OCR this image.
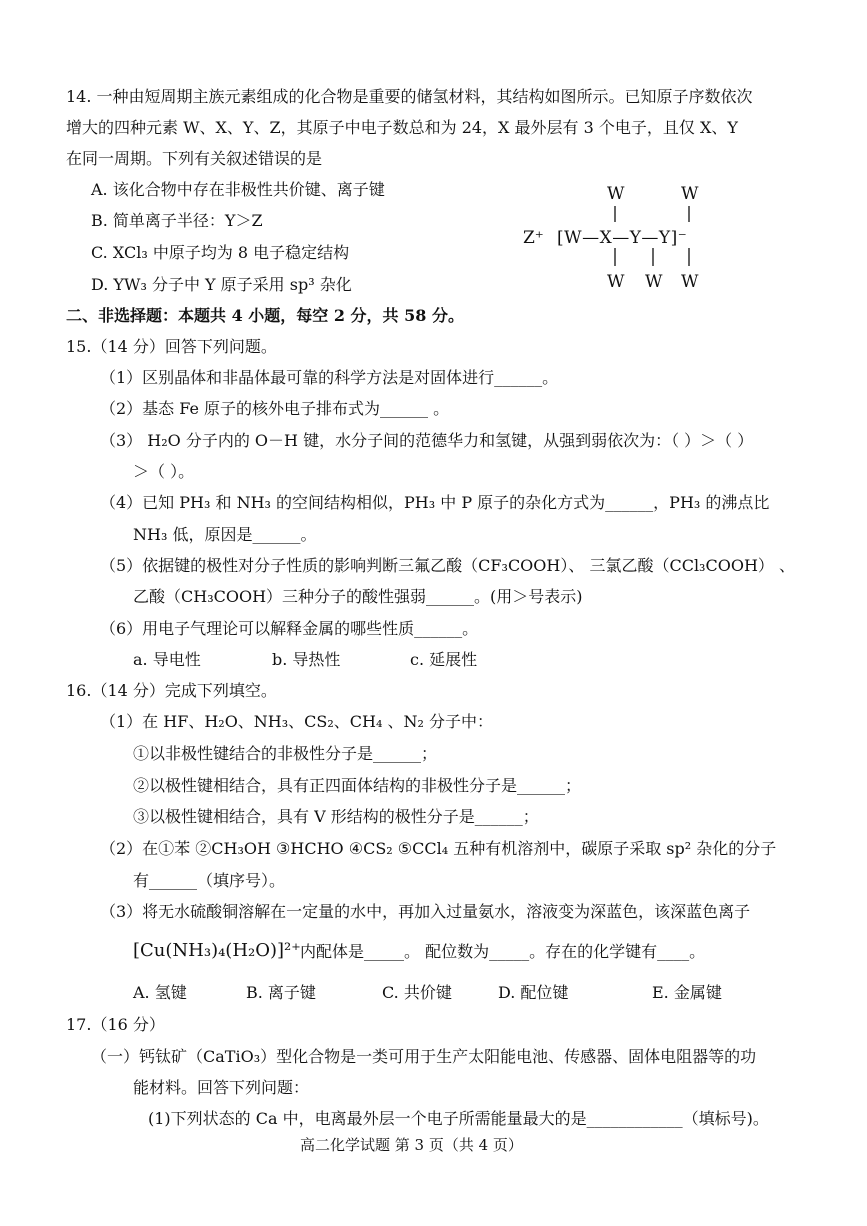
14. 一种由短周期主族元素组成的化合物是重要的储氢材料，其结构如图所示。已知原子序数依次
增大的四种元素 W、X、Y、Z，其原子中电子数总和为 24，X 最外层有 3 个电子，且仅 X、Y
在同一周期。下列有关叙述错误的是
A. 该化合物中存在非极性共价键、离子键
B. 简单离子半径：Y＞Z
C. XCl₃ 中原子均为 8 电子稳定结构
D. YW₃ 分子中 Y 原子采用 sp³ 杂化
W	W
Z⁺ [W—X—Y—Y]⁻
W W W
二、非选择题：本题共 4 小题，每空 2 分，共 58 分。
15.（14 分）回答下列问题。
（1）区别晶体和非晶体最可靠的科学方法是对固体进行______。
（2）基态 Fe 原子的核外电子排布式为______ 。
（3） H₂O 分子内的 O－H 键，水分子间的范德华力和氢键，从强到弱依次为：（ ）＞（ ）
＞（ ）。
（4）已知 PH₃ 和 NH₃ 的空间结构相似，PH₃ 中 P 原子的杂化方式为______，PH₃ 的沸点比
NH₃ 低，原因是______。
（5）依据键的极性对分子性质的影响判断三氟乙酸（CF₃COOH）、 三氯乙酸（CCl₃COOH） 、
乙酸（CH₃COOH）三种分子的酸性强弱______。(用＞号表示)
（6）用电子气理论可以解释金属的哪些性质______。
a. 导电性	b. 导热性	c. 延展性
16.（14 分）完成下列填空。
（1）在 HF、H₂O、NH₃、CS₂、CH₄ 、N₂ 分子中：
①以非极性键结合的非极性分子是______；
②以极性键相结合，具有正四面体结构的非极性分子是______；
③以极性键相结合，具有 V 形结构的极性分子是______；
（2）在①苯 ②CH₃OH ③HCHO ④CS₂ ⑤CCl₄ 五种有机溶剂中，碳原子采取 sp² 杂化的分子
有______（填序号）。
（3）将无水硫酸铜溶解在一定量的水中，再加入过量氨水，溶液变为深蓝色，该深蓝色离子
[Cu(NH₃)₄(H₂O)]²⁺ 内配体是_____。 配位数为_____。存在的化学键有____。
A. 氢键	B. 离子键	C. 共价键	D. 配位键	E. 金属键
17.（16 分）
（一）钙钛矿（CaTiO₃）型化合物是一类可用于生产太阳能电池、传感器、固体电阻器等的功
能材料。回答下列问题：
(1)下列状态的 Ca 中，电离最外层一个电子所需能量最大的是____________（填标号)。
高二化学试题 第 3 页（共 4 页）
